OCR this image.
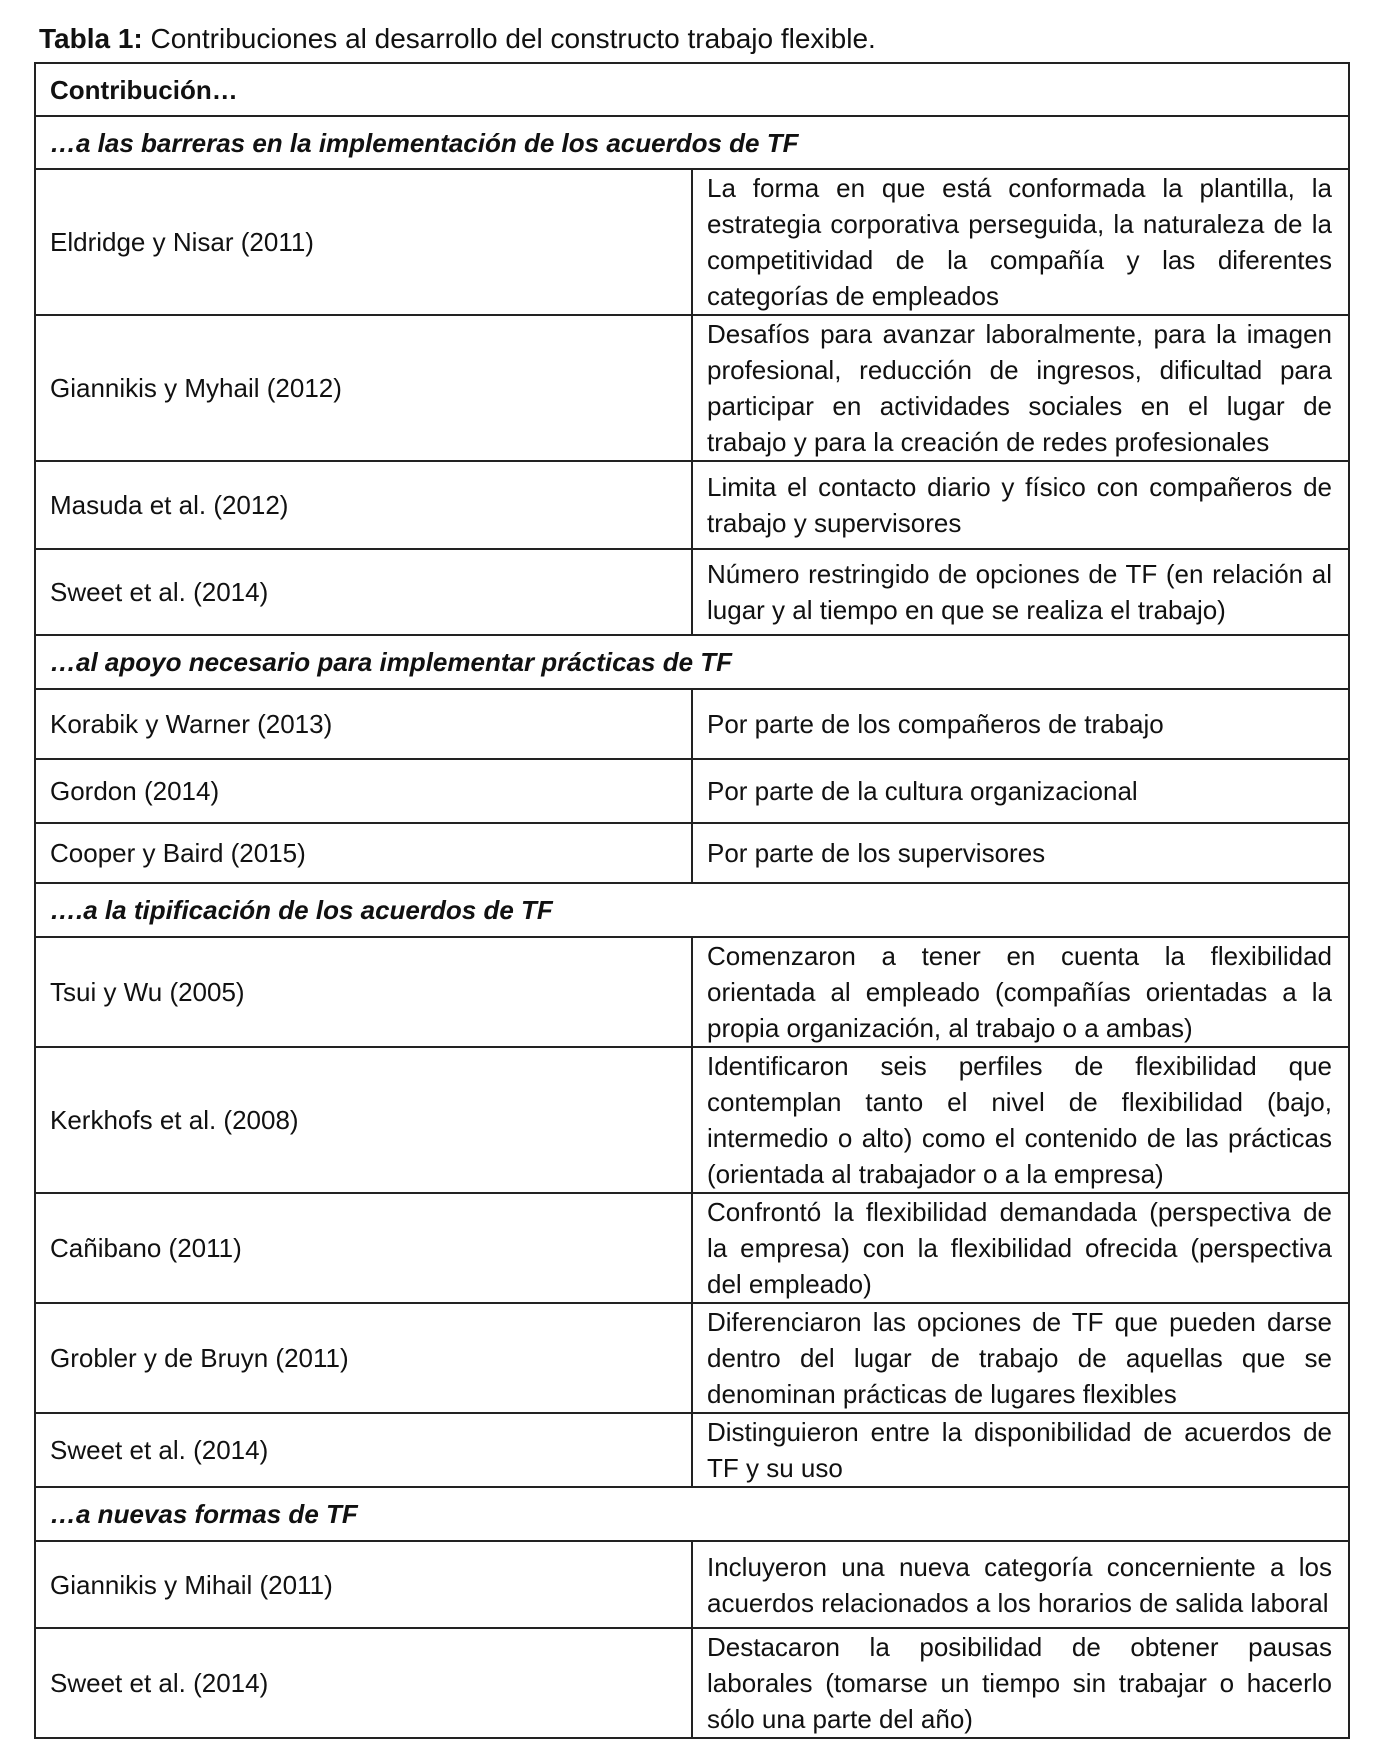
Tabla 1: Contribuciones al desarrollo del constructo trabajo flexible.
Contribución…	
…a las barreras en la implementación de los acuerdos de TF	
Eldridge y Nisar (2011)	La forma en que está conformada la plantilla, la estrategia corporativa perseguida, la naturaleza de la competitividad de la compañía y las diferentes categorías de empleados
Giannikis y Myhail (2012)	Desafíos para avanzar laboralmente, para la imagen profesional, reducción de ingresos, dificultad para participar en actividades sociales en el lugar de trabajo y para la creación de redes profesionales
Masuda et al. (2012)	Limita el contacto diario y físico con compañeros de trabajo y supervisores
Sweet et al. (2014)	Número restringido de opciones de TF (en relación al lugar y al tiempo en que se realiza el trabajo)
…al apoyo necesario para implementar prácticas de TF	
Korabik y Warner (2013)	Por parte de los compañeros de trabajo
Gordon (2014)	Por parte de la cultura organizacional
Cooper y Baird (2015)	Por parte de los supervisores
….a la tipificación de los acuerdos de TF	
Tsui y Wu (2005)	Comenzaron a tener en cuenta la flexibilidad orientada al empleado (compañías orientadas a la propia organización, al trabajo o a ambas)
Kerkhofs et al. (2008)	Identificaron seis perfiles de flexibilidad que contemplan tanto el nivel de flexibilidad (bajo, intermedio o alto) como el contenido de las prácticas (orientada al trabajador o a la empresa)
Cañibano (2011)	Confrontó la flexibilidad demandada (perspectiva de la empresa) con la flexibilidad ofrecida (perspectiva del empleado)
Grobler y de Bruyn (2011)	Diferenciaron las opciones de TF que pueden darse dentro del lugar de trabajo de aquellas que se denominan prácticas de lugares flexibles
Sweet et al. (2014)	Distinguieron entre la disponibilidad de acuerdos de TF y su uso
…a nuevas formas de TF	
Giannikis y Mihail (2011)	Incluyeron una nueva categoría concerniente a los acuerdos relacionados a los horarios de salida laboral
Sweet et al. (2014)	Destacaron la posibilidad de obtener pausas laborales (tomarse un tiempo sin trabajar o hacerlo sólo una parte del año)
